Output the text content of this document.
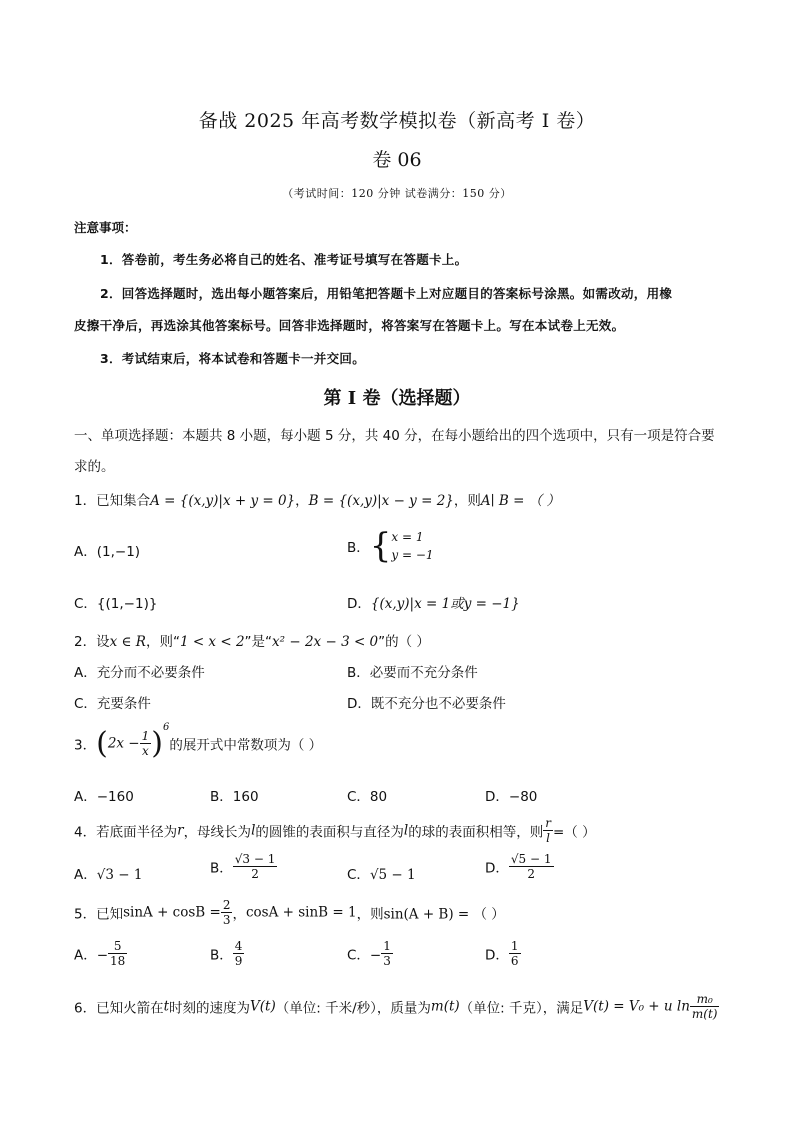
备战 2025 年高考数学模拟卷（新高考 I 卷）
卷 06
（考试时间：120 分钟 试卷满分：150 分）
注意事项：
1．答卷前，考生务必将自己的姓名、准考证号填写在答题卡上。
2．回答选择题时，选出每小题答案后，用铅笔把答题卡上对应题目的答案标号涂黑。如需改动，用橡
皮擦干净后，再选涂其他答案标号。回答非选择题时，将答案写在答题卡上。写在本试卷上无效。
3．考试结束后，将本试卷和答题卡一并交回。
第 I 卷（选择题）
一、单项选择题：本题共 8 小题，每小题 5 分，共 40 分，在每小题给出的四个选项中，只有一项是符合要
求的。
1．已知集合A = {(x,y)|x + y = 0}，B = {(x,y)|x − y = 2}，则A∣ B = （ ）
A．(1,−1)	B．{ x = 1
y = −1
C．{(1,−1)}	D．{(x,y)|x = 1或y = −1}
2．设x ∈ R，则“1 < x < 2”是“x² − 2x − 3 < 0”的（ ）
A．充分而不必要条件	B．必要而不充分条件
C．充要条件	D．既不充分也不必要条件
3．$(2x - \frac{1}{x} )^6$的展开式中常数项为（ ）
A．−160	B．160	C．80	D．−80
4．若底面半径为r，母线长为l的圆锥的表面积与直径为l的球的表面积相等，则 $\frac{r}{l}$ =（ ）
A．√3 − 1	B． $\frac{√3 - 1}{2}$	C．√5 − 1	D． $\frac{√5 - 1}{2}$
5．已知$\sin A + \cos B = \frac{2}{3}$ ，cosA + sinB = 1，则sin(A + B) = （ ）
A．− $\frac{5}{18}$	B． $\frac{4}{9}$	C．− $\frac{1}{3}$	D． $\frac{1}{6}$
6．已知火箭在t时刻的速度为V(t)（单位: 千米/秒），质量为m(t)（单位: 千克），满足V(t) = V₀ + u $\ln \frac{\text{m₀}}{m(t)}$
